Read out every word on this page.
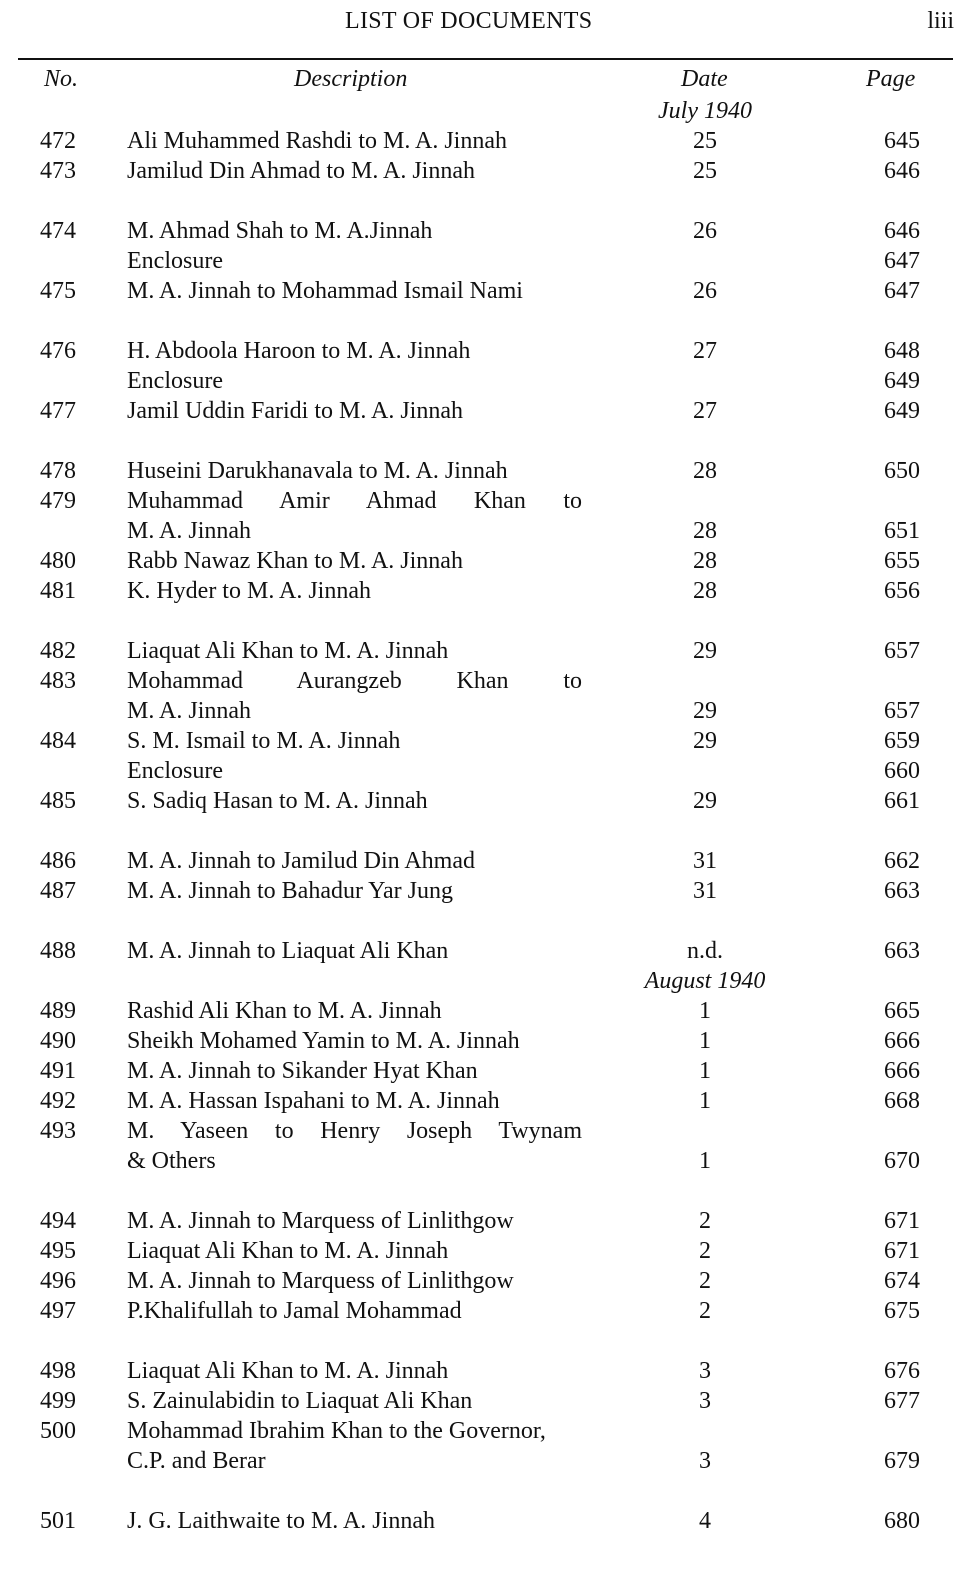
LIST OF DOCUMENTS	liii
No.	Description	Date	Page
July 1940
472	Ali Muhammed Rashdi to M. A. Jinnah	25	645
473	Jamilud Din Ahmad to M. A. Jinnah	25	646
474	M. Ahmad Shah to M. A.Jinnah	26	646
Enclosure	647
475	M. A. Jinnah to Mohammad Ismail Nami	26	647
476	H. Abdoola Haroon to M. A. Jinnah	27	648
Enclosure	649
477	Jamil Uddin Faridi to M. A. Jinnah	27	649
478	Huseini Darukhanavala to M. A. Jinnah	28	650
479	Muhammad Amir Ahmad Khan to
M. A. Jinnah	28	651
480	Rabb Nawaz Khan to M. A. Jinnah	28	655
481	K. Hyder to M. A. Jinnah	28	656
482	Liaquat Ali Khan to M. A. Jinnah	29	657
483	Mohammad Aurangzeb Khan to
M. A. Jinnah	29	657
484	S. M. Ismail to M. A. Jinnah	29	659
Enclosure	660
485	S. Sadiq Hasan to M. A. Jinnah	29	661
486	M. A. Jinnah to Jamilud Din Ahmad	31	662
487	M. A. Jinnah to Bahadur Yar Jung	31	663
488	M. A. Jinnah to Liaquat Ali Khan	n.d.	663
August 1940
489	Rashid Ali Khan to M. A. Jinnah	1	665
490	Sheikh Mohamed Yamin to M. A. Jinnah	1	666
491	M. A. Jinnah to Sikander Hyat Khan	1	666
492	M. A. Hassan Ispahani to M. A. Jinnah	1	668
493	M. Yaseen to Henry Joseph Twynam
& Others	1	670
494	M. A. Jinnah to Marquess of Linlithgow	2	671
495	Liaquat Ali Khan to M. A. Jinnah	2	671
496	M. A. Jinnah to Marquess of Linlithgow	2	674
497	P.Khalifullah to Jamal Mohammad	2	675
498	Liaquat Ali Khan to M. A. Jinnah	3	676
499	S. Zainulabidin to Liaquat Ali Khan	3	677
500	Mohammad Ibrahim Khan to the Governor,
C.P. and Berar	3	679
501	J. G. Laithwaite to M. A. Jinnah	4	680
